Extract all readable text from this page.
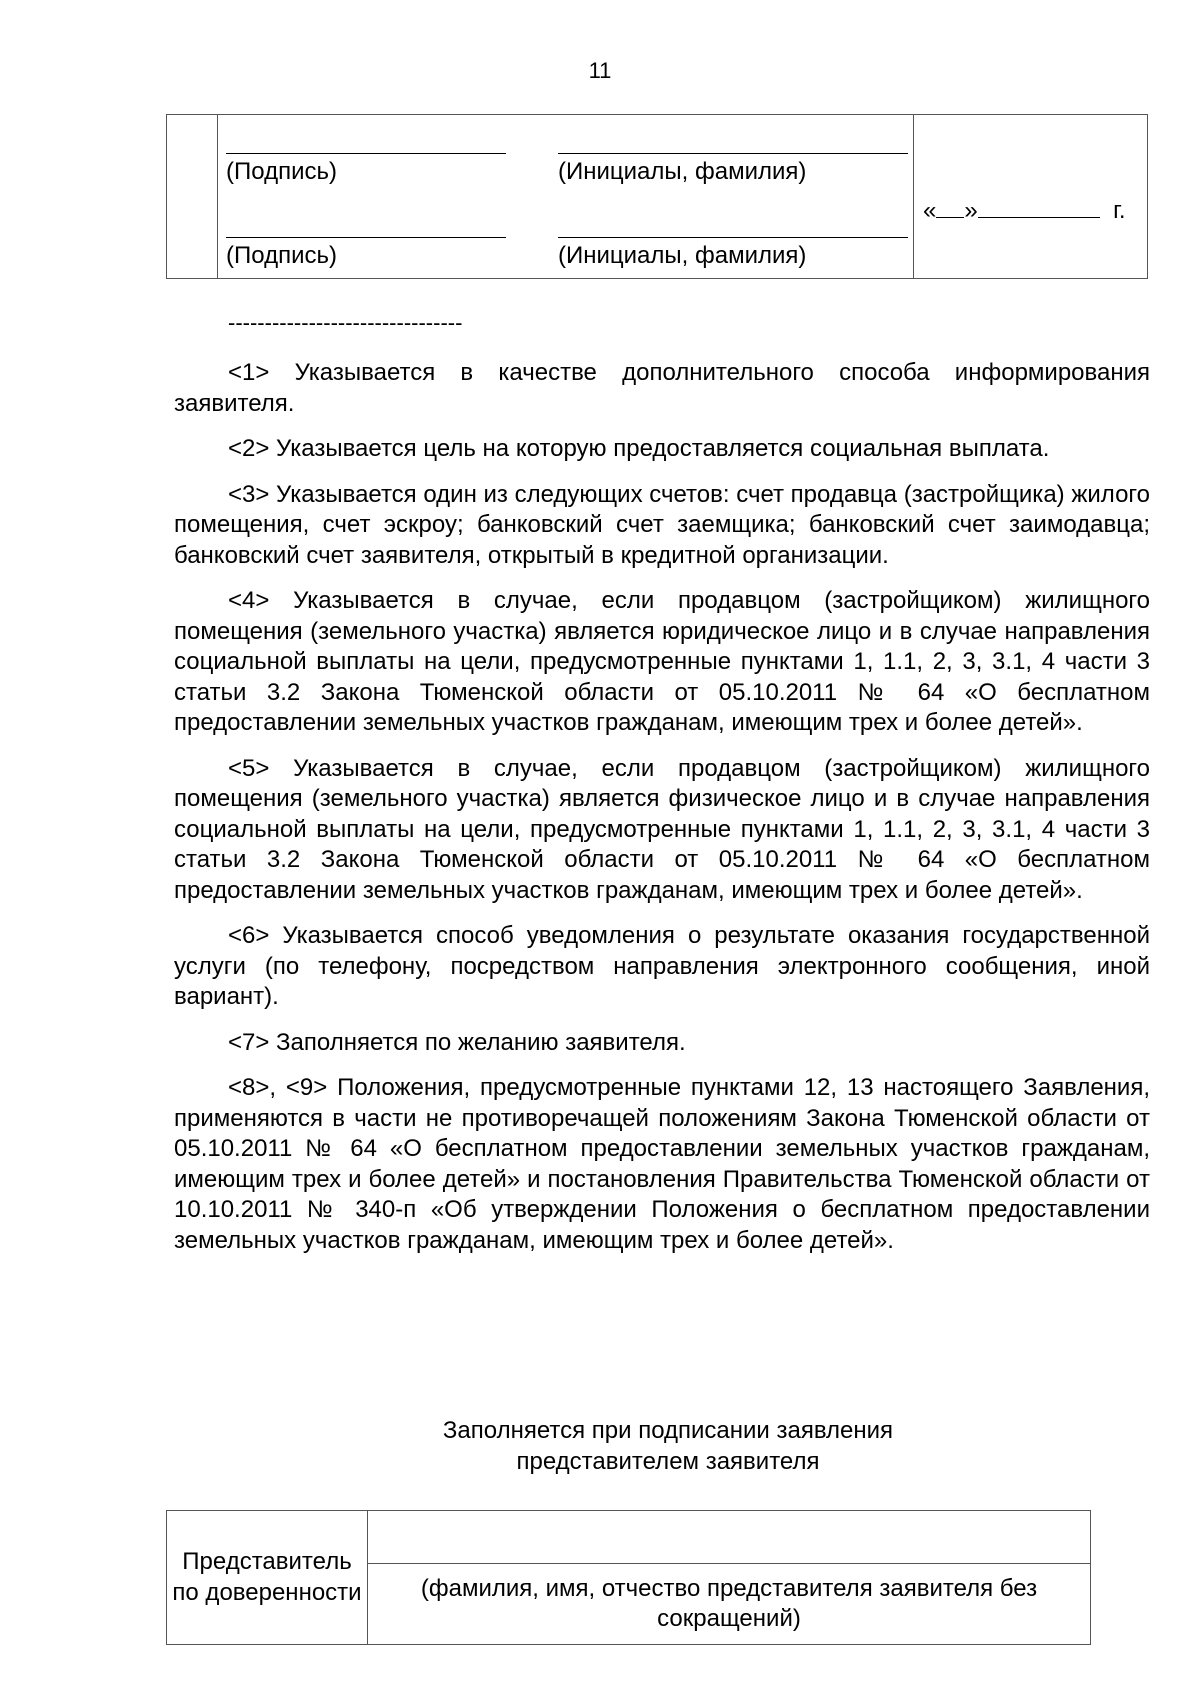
11

(Подпись)	(Инициалы, фамилия)
(Подпись)	(Инициалы, фамилия)

« »	г.
--------------------------------

<1> Указывается в качестве дополнительного способа информирования заявителя.

<2> Указывается цель на которую предоставляется социальная выплата.

<3> Указывается один из следующих счетов: счет продавца (застройщика) жилого помещения, счет эскроу; банковский счет заемщика; банковский счет заимодавца; банковский счет заявителя, открытый в кредитной организации.

<4> Указывается в случае, если продавцом (застройщиком) жилищного помещения (земельного участка) является юридическое лицо и в случае направления социальной выплаты на цели, предусмотренные пунктами 1, 1.1, 2, 3, 3.1, 4 части 3 статьи 3.2 Закона Тюменской области от 05.10.2011 № 64 «О бесплатном предоставлении земельных участков гражданам, имеющим трех и более детей».

<5> Указывается в случае, если продавцом (застройщиком) жилищного помещения (земельного участка) является физическое лицо и в случае направления социальной выплаты на цели, предусмотренные пунктами 1, 1.1, 2, 3, 3.1, 4 части 3 статьи 3.2 Закона Тюменской области от 05.10.2011 № 64 «О бесплатном предоставлении земельных участков гражданам, имеющим трех и более детей».

<6> Указывается способ уведомления о результате оказания государственной услуги (по телефону, посредством направления электронного сообщения, иной вариант).

<7> Заполняется по желанию заявителя.

<8>, <9> Положения, предусмотренные пунктами 12, 13 настоящего Заявления, применяются в части не противоречащей положениям Закона Тюменской области от 05.10.2011 № 64 «О бесплатном предоставлении земельных участков гражданам, имеющим трех и более детей» и постановления Правительства Тюменской области от 10.10.2011 № 340-п «Об утверждении Положения о бесплатном предоставлении земельных участков гражданам, имеющим трех и более детей».

Заполняется при подписании заявления
представителем заявителя
Представитель по доверенности	
(фамилия, имя, отчество представителя заявителя без сокращений)
